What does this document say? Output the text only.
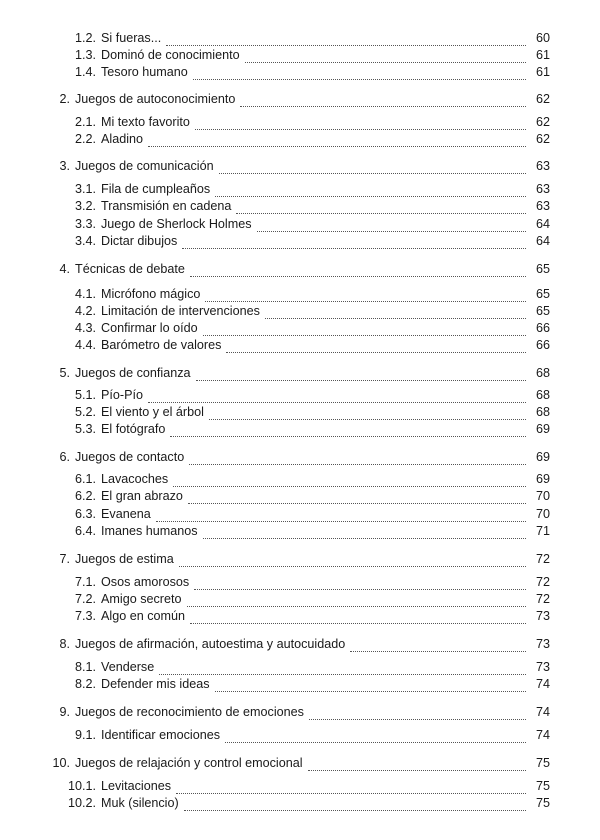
1.2. Si fueras...	60
1.3. Dominó de conocimiento	61
1.4. Tesoro humano	61
2. Juegos de autoconocimiento	62
2.1. Mi texto favorito	62
2.2. Aladino	62
3. Juegos de comunicación	63
3.1. Fila de cumpleaños	63
3.2. Transmisión en cadena	63
3.3. Juego de Sherlock Holmes	64
3.4. Dictar dibujos	64
4. Técnicas de debate	65
4.1. Micrófono mágico	65
4.2. Limitación de intervenciones	65
4.3. Confirmar lo oído	66
4.4. Barómetro de valores	66
5. Juegos de confianza	68
5.1. Pío-Pío	68
5.2. El viento y el árbol	68
5.3. El fotógrafo	69
6. Juegos de contacto	69
6.1. Lavacoches	69
6.2. El gran abrazo	70
6.3. Evanena	70
6.4. Imanes humanos	71
7. Juegos de estima	72
7.1. Osos amorosos	72
7.2. Amigo secreto	72
7.3. Algo en común	73
8. Juegos de afirmación, autoestima y autocuidado	73
8.1. Venderse	73
8.2. Defender mis ideas	74
9. Juegos de reconocimiento de emociones	74
9.1. Identificar emociones	74
10. Juegos de relajación y control emocional	75
10.1. Levitaciones	75
10.2. Muk (silencio)	75
